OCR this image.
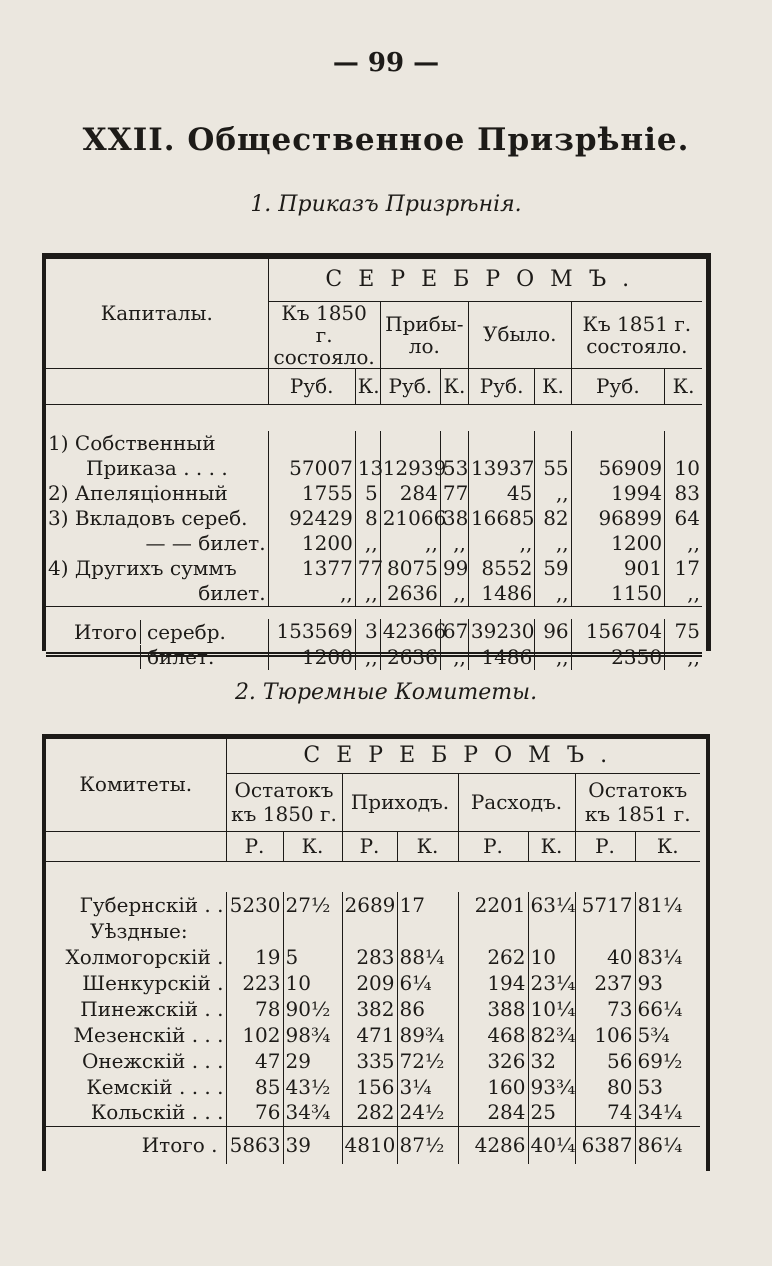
— 99 —
XXII. Общественное Призрѣніе.
1. Приказъ Призрѣнія.
Капиталы.	СЕРЕБРОМЪ.							
	Къ 1850 г. состояло.		Прибы-ло.		Убыло.		Къ 1851 г. состояло.	
	Руб.	К.	Руб.	К.	Руб.	К.	Руб.	К.

1) Собственный								
Приказа . . . .	57007	13	12939	53	13937	55	56909	10
2) Апеляціонный	1755	5	284	77	45	,,	1994	83
3) Вкладовъ сереб.	92429	8	21066	38	16685	82	96899	64
— — билет.	1200	,,	,,	,,	,,	,,	1200	,,
4) Другихъ суммъ	1377	77	8075	99	8552	59	901	17
билет.	,,	,,	2636	,,	1486	,,	1150	,,

Итого серебр.	153569	3	42366	67	39230	96	156704	75
билет.	1200	,,	2636	,,	1486	,,	2350	,,
2. Тюремные Комитеты.
Комитеты.	СЕРЕБРОМЪ.							
	Остатокъ къ 1850 г.		Приходъ.		Расходъ.		Остатокъ къ 1851 г.	
	Р.	К.	Р.	К.	Р.	К.	Р.	К.

Губернскій . .	5230	27½	2689	17	2201	63¼	5717	81¼
Уѣздные:								
Холмогорскій .	19	5	283	88¼	262	10	40	83¼
Шенкурскій .	223	10	209	6¼	194	23¼	237	93
Пинежскій . .	78	90½	382	86	388	10¼	73	66¼
Мезенскій . . .	102	98¾	471	89¾	468	82¾	106	5¾
Онежскій . . .	47	29	335	72½	326	32	56	69½
Кемскій . . . .	85	43½	156	3¼	160	93¾	80	53
Кольскій . . .	76	34¾	282	24½	284	25	74	34¼
Итого .	5863	39	4810	87½	4286	40¼	6387	86¼
